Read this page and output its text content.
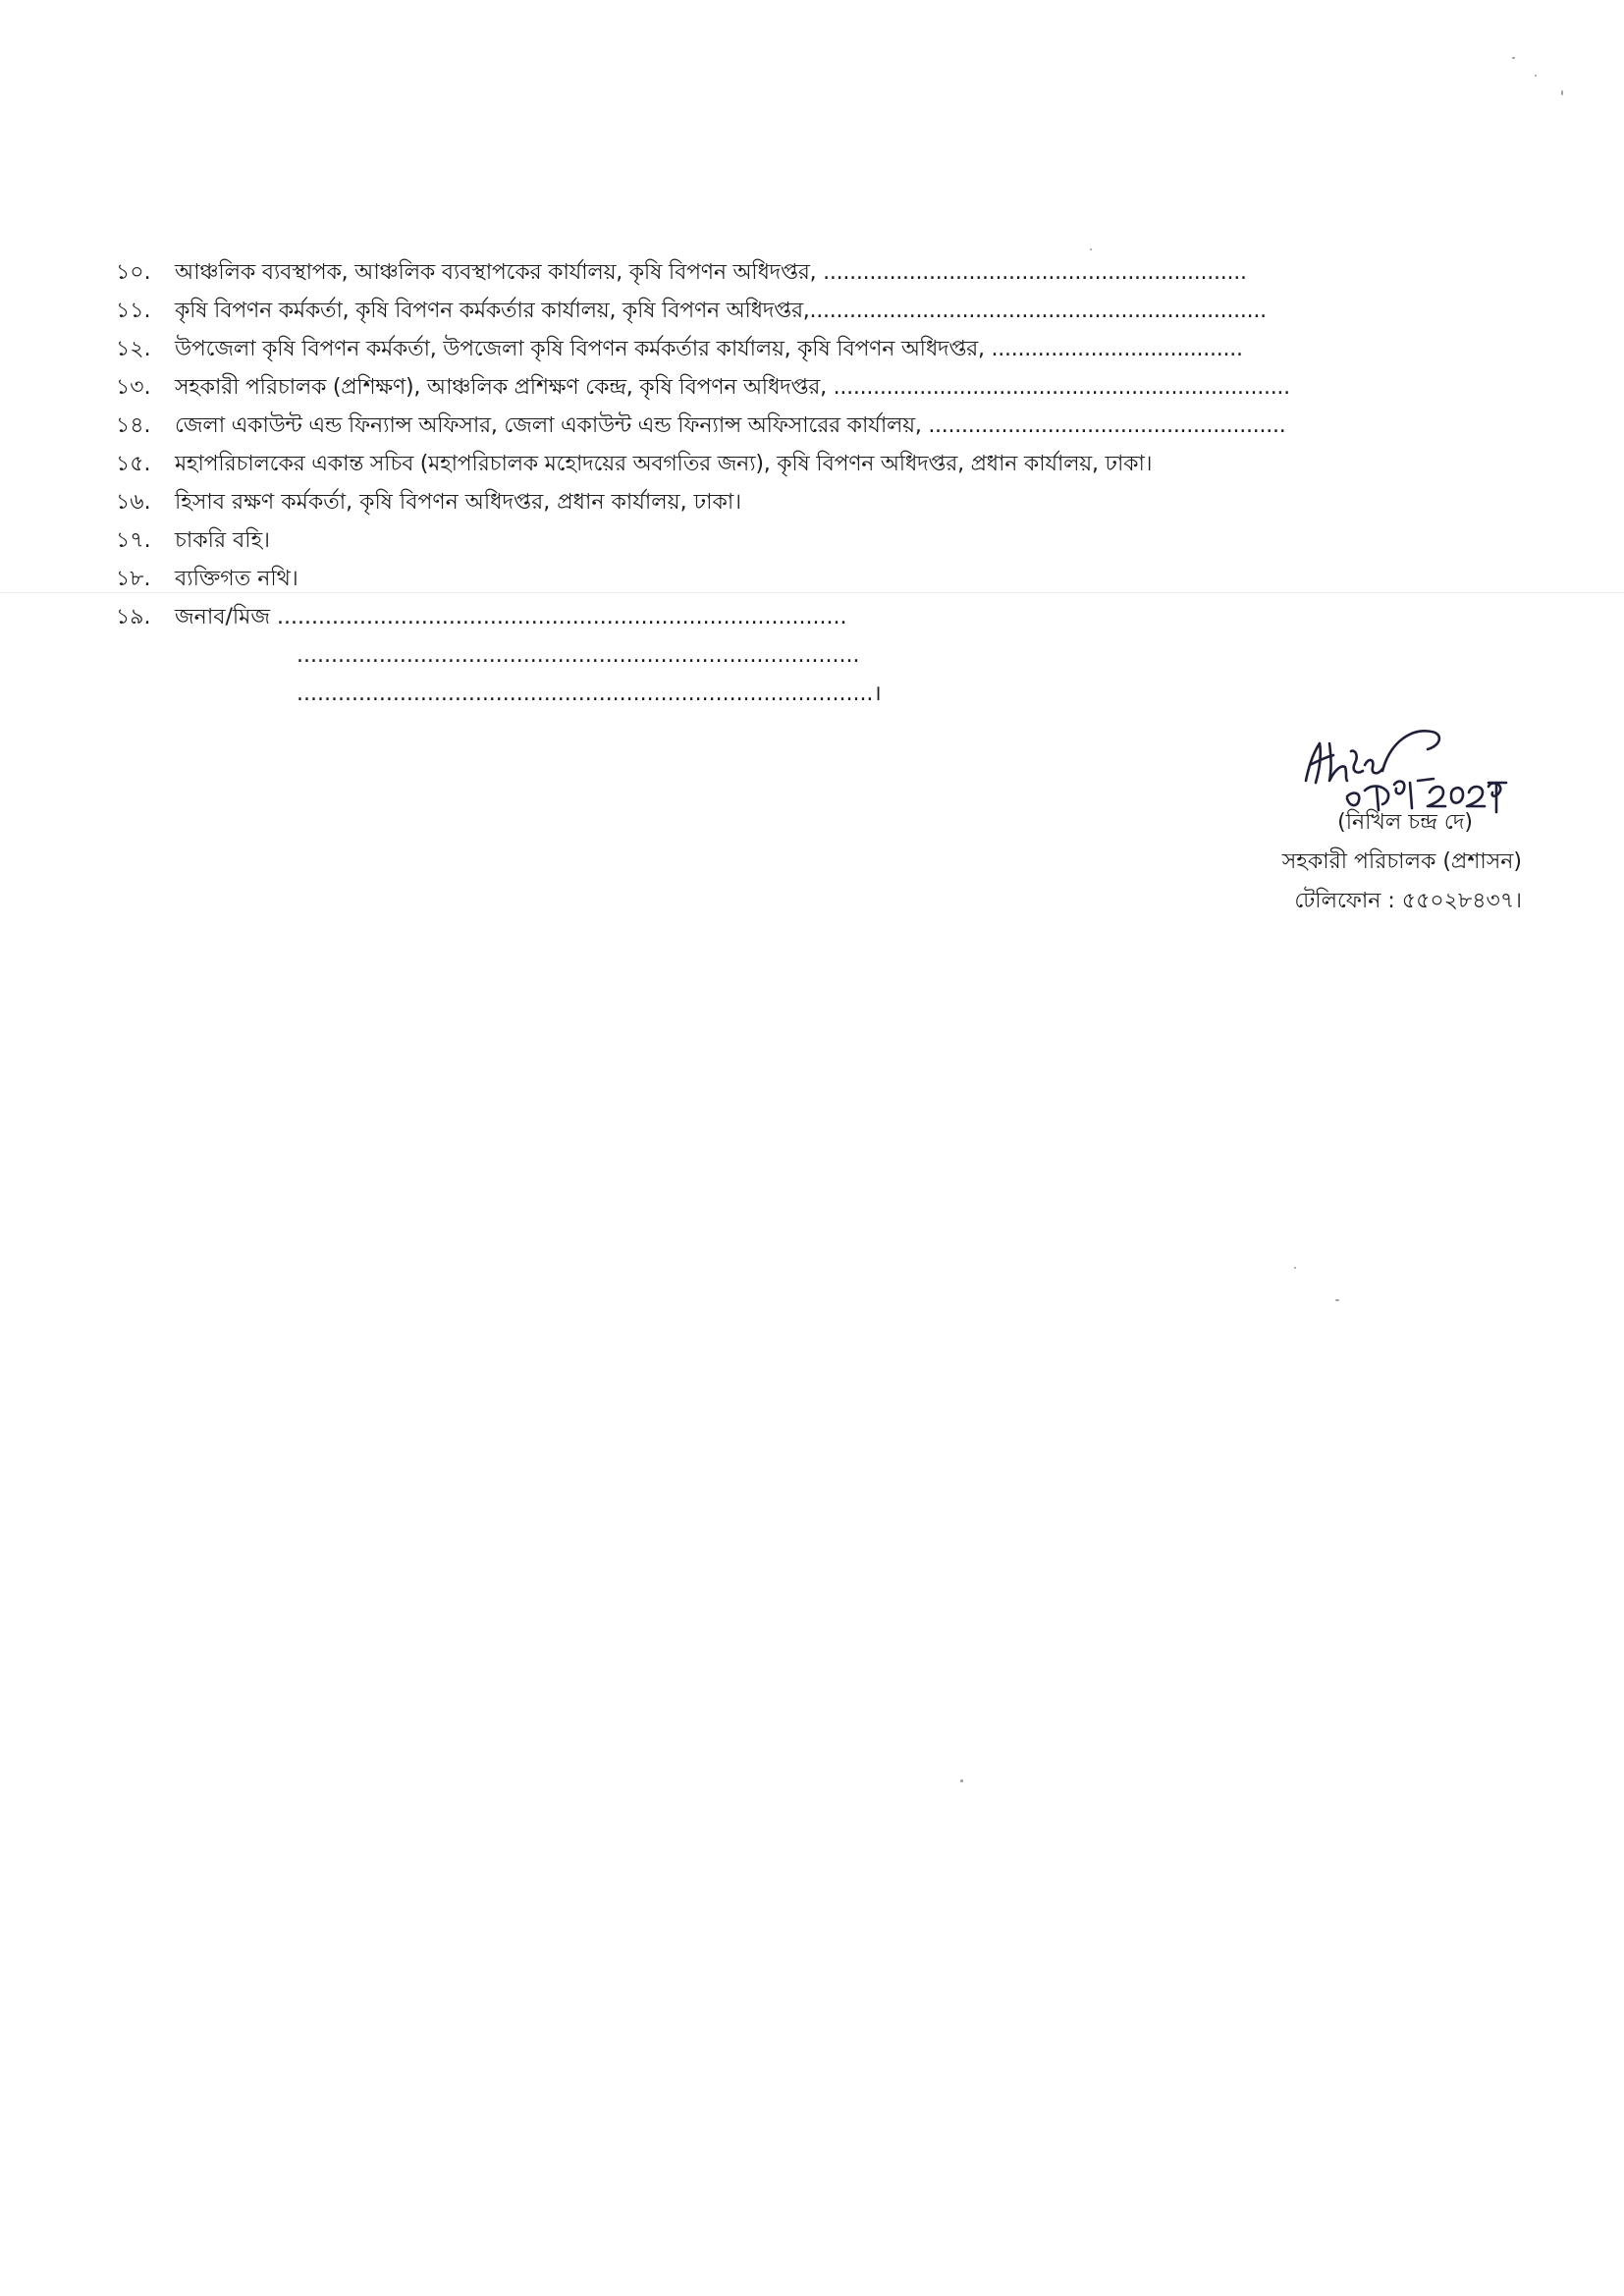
১০.	আঞ্চলিক ব্যবস্থাপক, আঞ্চলিক ব্যবস্থাপকের কার্যালয়, কৃষি বিপণন অধিদপ্তর, ................................................................
১১.	কৃষি বিপণন কর্মকর্তা, কৃষি বিপণন কর্মকর্তার কার্যালয়, কৃষি বিপণন অধিদপ্তর,.....................................................................
১২.	উপজেলা কৃষি বিপণন কর্মকর্তা, উপজেলা কৃষি বিপণন কর্মকর্তার কার্যালয়, কৃষি বিপণন অধিদপ্তর, ......................................
১৩.	সহকারী পরিচালক (প্রশিক্ষণ), আঞ্চলিক প্রশিক্ষণ কেন্দ্র, কৃষি বিপণন অধিদপ্তর, .....................................................................
১৪.	জেলা একাউন্ট এন্ড ফিন্যান্স অফিসার, জেলা একাউন্ট এন্ড ফিন্যান্স অফিসারের কার্যালয়, ......................................................
১৫.	মহাপরিচালকের একান্ত সচিব (মহাপরিচালক মহোদয়ের অবগতির জন্য), কৃষি বিপণন অধিদপ্তর, প্রধান কার্যালয়, ঢাকা।
১৬.	হিসাব রক্ষণ কর্মকর্তা, কৃষি বিপণন অধিদপ্তর, প্রধান কার্যালয়, ঢাকা।
১৭.	চাকরি বহি।
১৮.	ব্যক্তিগত নথি।
১৯.	জনাব/মিজ ...................................................................................
..................................................................................
....................................................................................।
(নিখিল চন্দ্র দে)
সহকারী পরিচালক (প্রশাসন)
টেলিফোন : ৫৫০২৮৪৩৭।
